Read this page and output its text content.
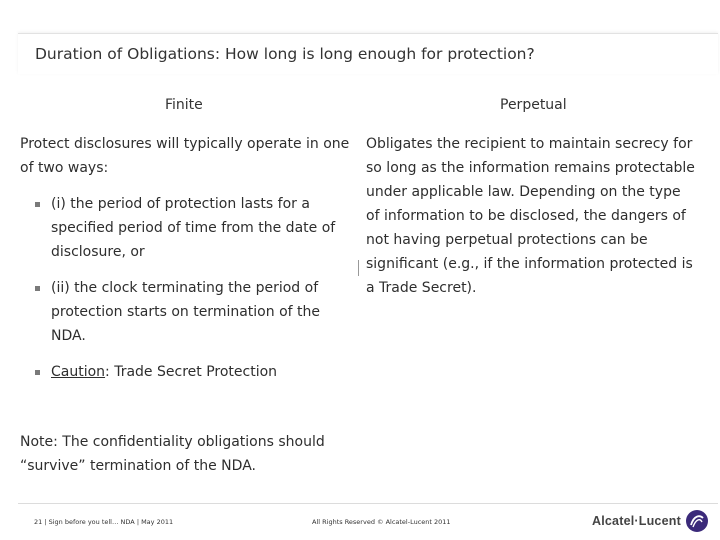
Duration of Obligations: How long is long enough for protection?
Finite	Perpetual

Protect disclosures will typically operate in one of two ways:

(i) the period of protection lasts for a specified period of time from the date of disclosure, or
(ii) the clock terminating the period of protection starts on termination of the NDA.
Caution: Trade Secret Protection

Obligates the recipient to maintain secrecy for so long as the information remains protectable under applicable law. Depending on the type of information to be disclosed, the dangers of not having perpetual protections can be significant (e.g., if the information protected is a Trade Secret).

Note: The confidentiality obligations should “survive” termination of the NDA.

21 | Sign before you tell… NDA | May 2011	All Rights Reserved © Alcatel-Lucent 2011	Alcatel·Lucent
